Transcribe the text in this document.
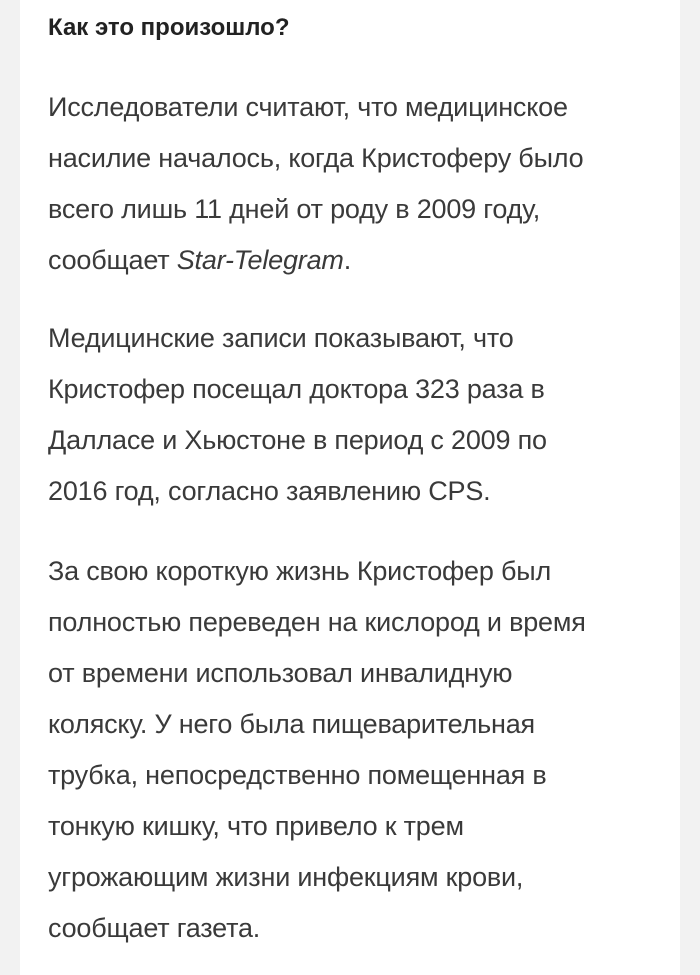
Как это произошло?

Исследователи считают, что медицинское
насилие началось, когда Кристоферу было
всего лишь 11 дней от роду в 2009 году,
сообщает Star-Telegram.

Медицинские записи показывают, что
Кристофер посещал доктора 323 раза в
Далласе и Хьюстоне в период с 2009 по
2016 год, согласно заявлению CPS.

За свою короткую жизнь Кристофер был
полностью переведен на кислород и время
от времени использовал инвалидную
коляску. У него была пищеварительная
трубка, непосредственно помещенная в
тонкую кишку, что привело к трем
угрожающим жизни инфекциям крови,
сообщает газета.
